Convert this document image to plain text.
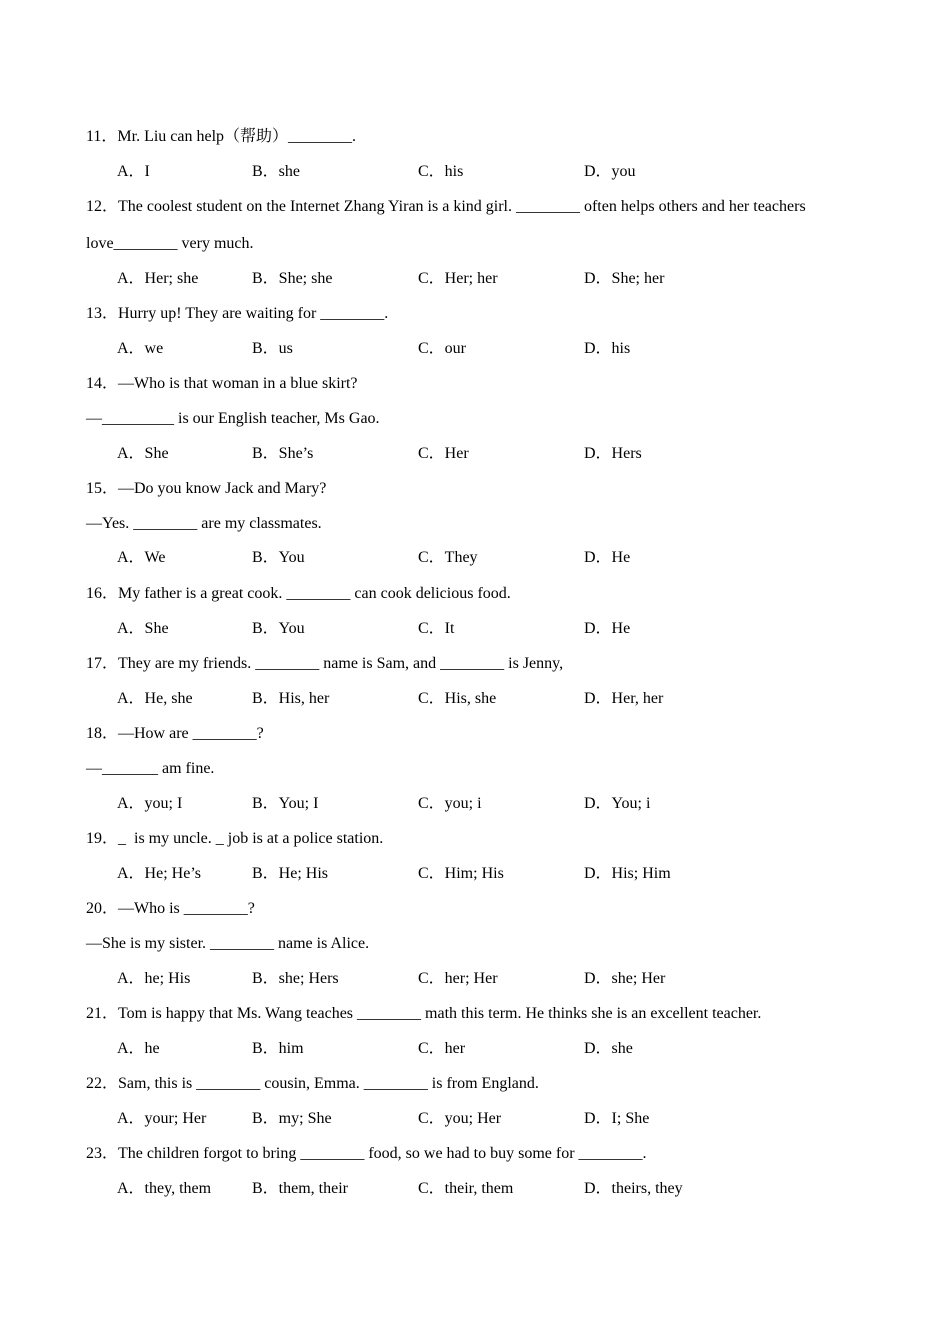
11．Mr. Liu can help（帮助）________.
A．I	B．she	C．his	D．you
12．The coolest student on the Internet Zhang Yiran is a kind girl. ________ often helps others and her teachers
love________ very much.
A．Her; she	B．She; she	C．Her; her	D．She; her
13．Hurry up! They are waiting for ________.
A．we	B．us	C．our	D．his
14．—Who is that woman in a blue skirt?
—_________ is our English teacher, Ms Gao.
A．She	B．She’s	C．Her	D．Hers
15．—Do you know Jack and Mary?
—Yes. ________ are my classmates.
A．We	B．You	C．They	D．He
16．My father is a great cook. ________ can cook delicious food.
A．She	B．You	C．It	D．He
17．They are my friends. ________ name is Sam, and ________ is Jenny,
A．He, she	B．His, her	C．His, she	D．Her, her
18．—How are ________?
—_______ am fine.
A．you; I	B．You; I	C．you; i	D．You; i
19．_  is my uncle. _ job is at a police station.
A．He; He’s	B．He; His	C．Him; His	D．His; Him
20．—Who is ________?
—She is my sister. ________ name is Alice.
A．he; His	B．she; Hers	C．her; Her	D．she; Her
21．Tom is happy that Ms. Wang teaches ________ math this term. He thinks she is an excellent teacher.
A．he	B．him	C．her	D．she
22．Sam, this is ________ cousin, Emma. ________ is from England.
A．your; Her	B．my; She	C．you; Her	D．I; She
23．The children forgot to bring ________ food, so we had to buy some for ________.
A．they, them	B．them, their	C．their, them	D．theirs, they
